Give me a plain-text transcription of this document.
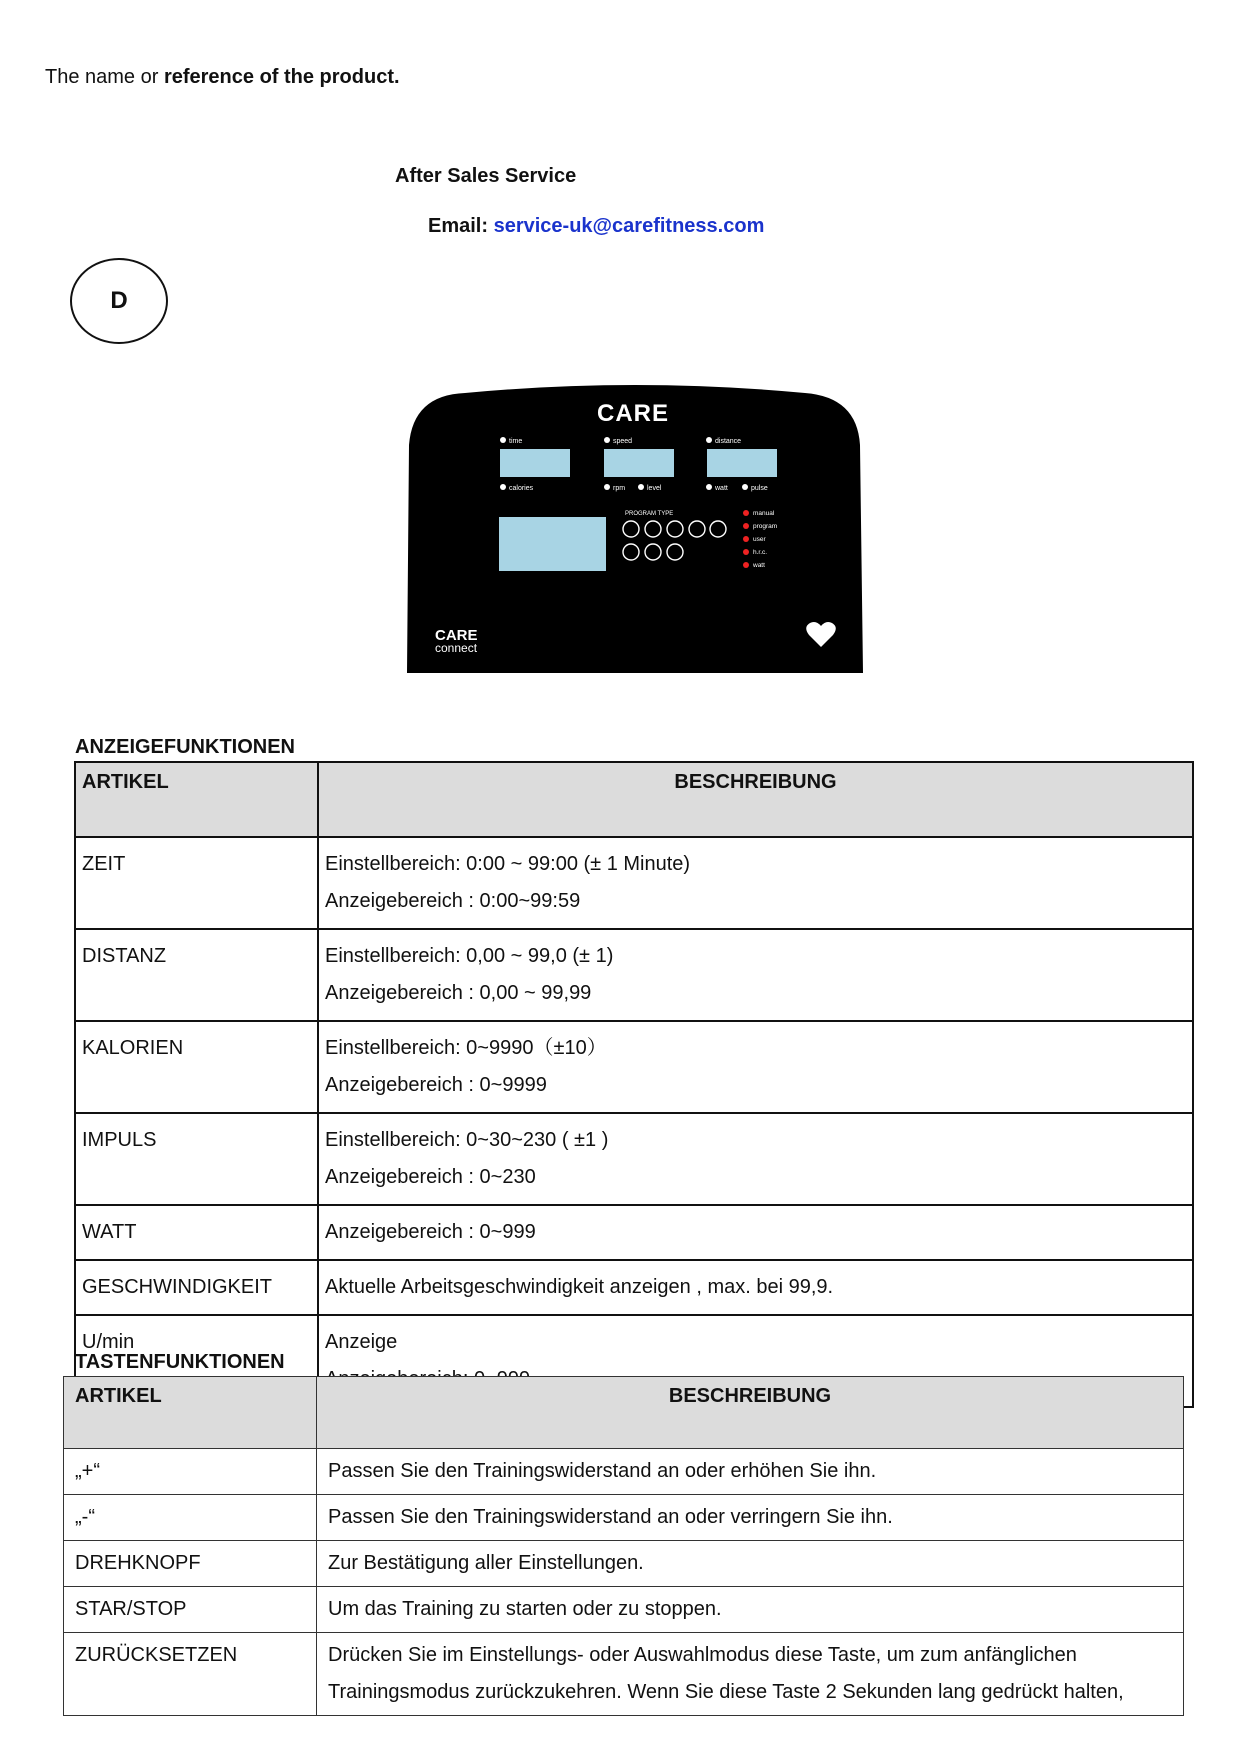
The name or reference of the product.
After Sales Service
Email: service-uk@carefitness.com
D
CARE
time	speed	distance
calories	rpm	level	watt	pulse
PROGRAM TYPE	manual
program
user
h.r.c.
watt
CARE
connect
ANZEIGEFUNKTIONEN
ARTIKEL	BESCHREIBUNG

ZEIT	Einstellbereich: 0:00 ~ 99:00 (± 1 Minute)
Anzeigebereich : 0:00~99:59

DISTANZ	Einstellbereich: 0,00 ~ 99,0 (± 1)
Anzeigebereich : 0,00 ~ 99,99

KALORIEN	Einstellbereich: 0~9990（±10）
Anzeigebereich : 0~9999

IMPULS	Einstellbereich: 0~30~230 ( ±1 )
Anzeigebereich : 0~230

WATT	Anzeigebereich : 0~999

GESCHWINDIGKEIT	Aktuelle Arbeitsgeschwindigkeit anzeigen , max. bei 99,9.

U/min	Anzeige
TASTENFUNKTIONEN
ARTIKEL	BESCHREIBUNG

„+“	Passen Sie den Trainingswiderstand an oder erhöhen Sie ihn.

„-“	Passen Sie den Trainingswiderstand an oder verringern Sie ihn.

DREHKNOPF	Zur Bestätigung aller Einstellungen.

STAR/STOP	Um das Training zu starten oder zu stoppen.

ZURÜCKSETZEN	Drücken Sie im Einstellungs- oder Auswahlmodus diese Taste, um zum anfänglichen
Trainingsmodus zurückzukehren. Wenn Sie diese Taste 2 Sekunden lang gedrückt halten,
